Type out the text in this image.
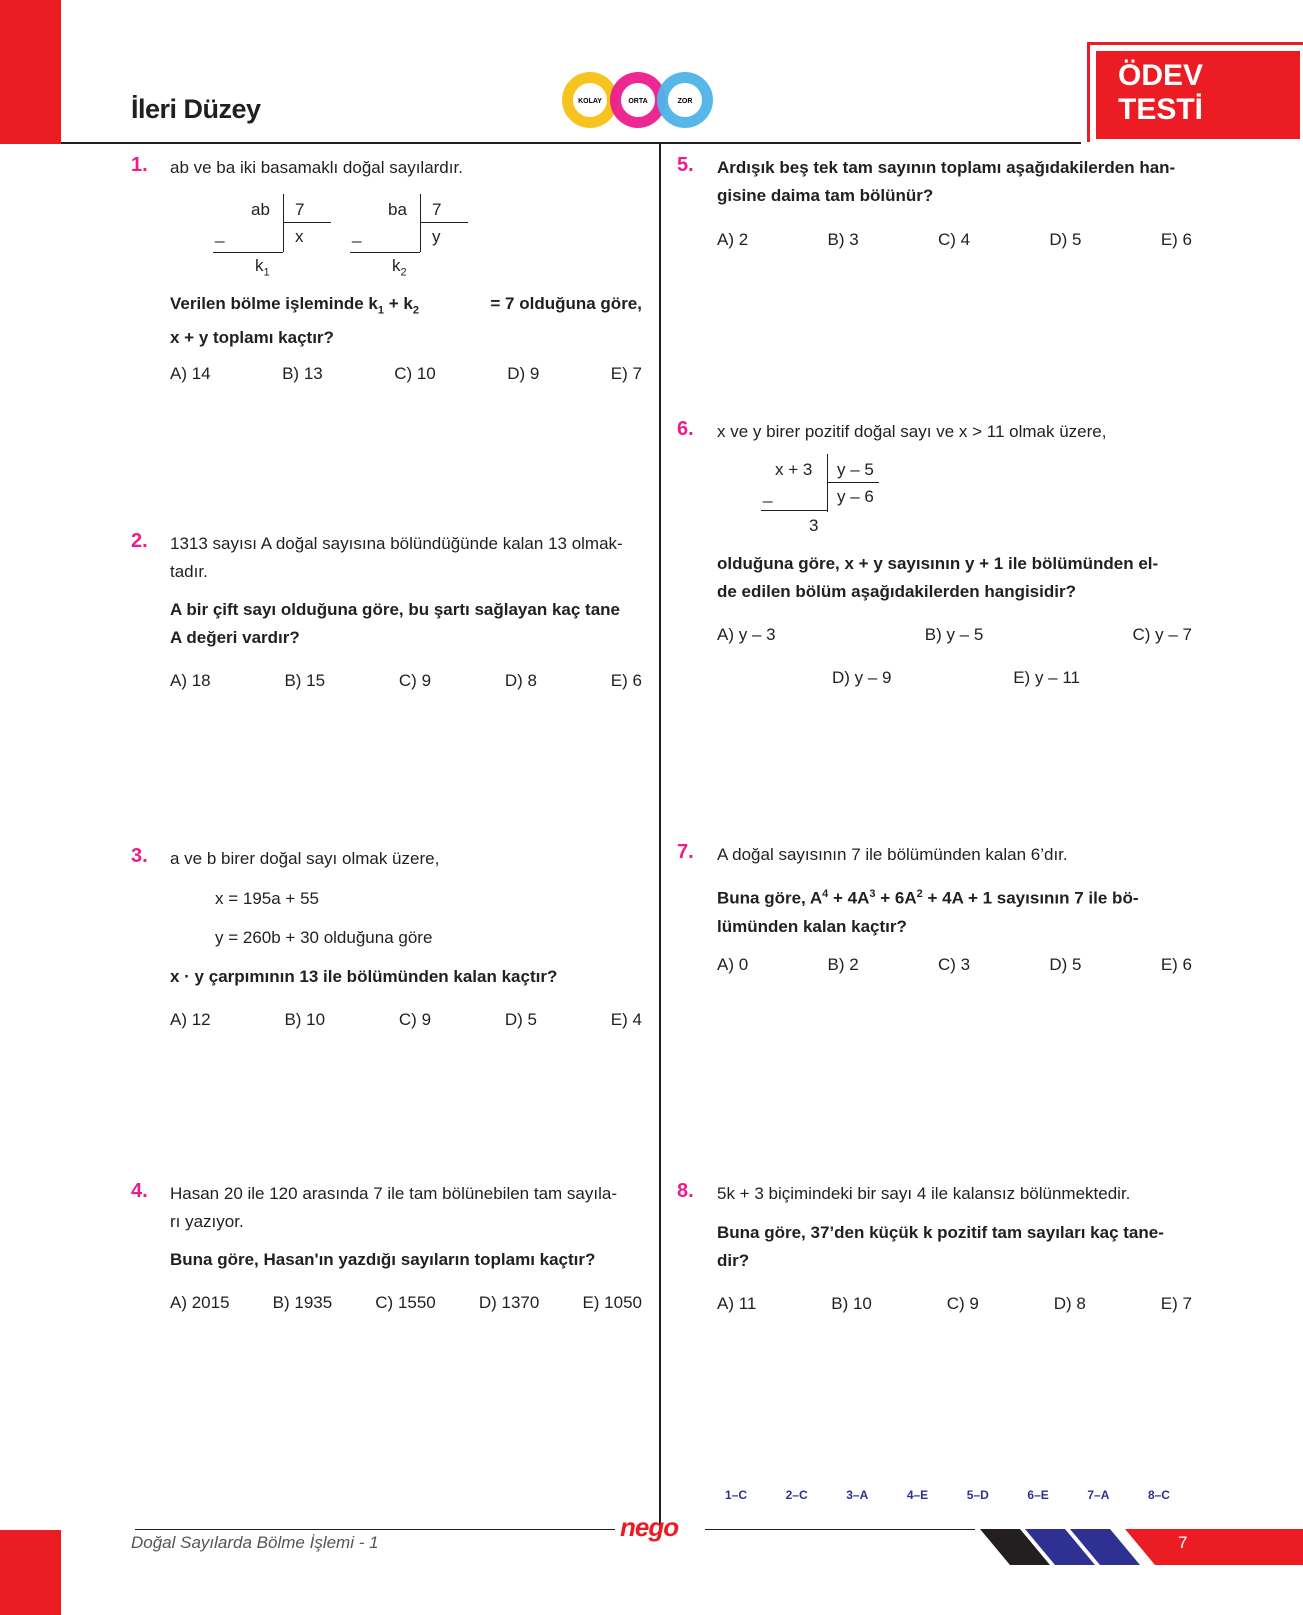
İleri Düzey	KOLAY	ORTA	ZOR
ÖDEV
TESTİ
1. ab ve ba iki basamaklı doğal sayılardır.
ab 7
x
_
$k_1$
ba 7
y
_
$k_2$
Verilen bölme işleminde $k_1 + k_2$	= 7 olduğuna göre,
x + y toplamı kaçtır?
A) 14	B) 13	C) 10	D) 9	E) 7
2. 1313 sayısı A doğal sayısına bölündüğünde kalan 13 olmak-
tadır.
A bir çift sayı olduğuna göre, bu şartı sağlayan kaç tane
A değeri vardır?
A) 18	B) 15	C) 9	D) 8	E) 6
3. a ve b birer doğal sayı olmak üzere,
x = 195a + 55
y = 260b + 30 olduğuna göre
x · y çarpımının 13 ile bölümünden kalan kaçtır?
A) 12	B) 10	C) 9	D) 5	E) 4
4. Hasan 20 ile 120 arasında 7 ile tam bölünebilen tam sayıla-
rı yazıyor.
Buna göre, Hasan'ın yazdığı sayıların toplamı kaçtır?
A) 2015	B) 1935	C) 1550	D) 1370	E) 1050
5. Ardışık beş tek tam sayının toplamı aşağıdakilerden han-
gisine daima tam bölünür?
A) 2	B) 3	C) 4	D) 5	E) 6
6. x ve y birer pozitif doğal sayı ve x > 11 olmak üzere,
x + 3 y – 5
y – 6
_
3
olduğuna göre, x + y sayısının y + 1 ile bölümünden el-
de edilen bölüm aşağıdakilerden hangisidir?
A) y – 3	B) y – 5	C) y – 7
D) y – 9	E) y – 11
7. A doğal sayısının 7 ile bölümünden kalan 6’dır.
Buna göre, $A^4 + 4A^3 + 6A^2 + 4A + 1$ sayısının 7 ile bö-
lümünden kalan kaçtır?
A) 0	B) 2	C) 3	D) 5	E) 6
8. 5k + 3 biçimindeki bir sayı 4 ile kalansız bölünmektedir.
Buna göre, 37’den küçük k pozitif tam sayıları kaç tane-
dir?
A) 11	B) 10	C) 9	D) 8	E) 7
1–C	2–C	3–A	4–E	5–D	6–E	7–A	8–C
Doğal Sayılarda Bölme İşlemi - 1
nego
7
